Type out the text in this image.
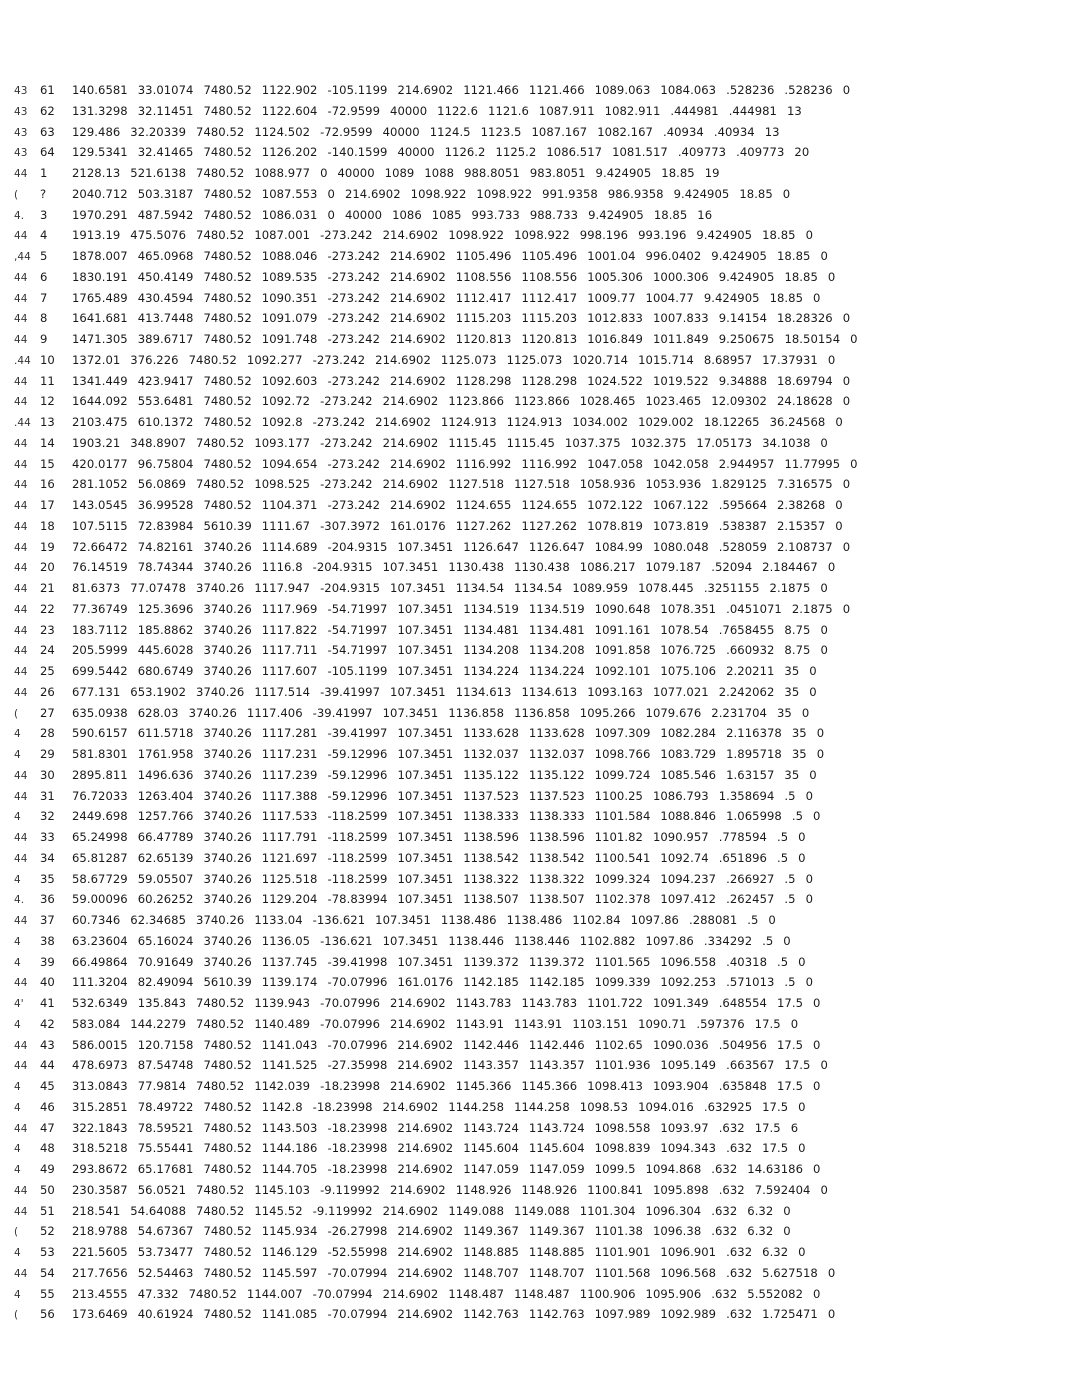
43 61 140.6581 33.01074 7480.52 1122.902 -105.1199 214.6902 1121.466 1121.466 1089.063 1084.063 .528236 .528236 0
43 62 131.3298 32.11451 7480.52 1122.604 -72.9599 40000 1122.6 1121.6 1087.911 1082.911 .444981 .444981 13
43 63 129.486 32.20339 7480.52 1124.502 -72.9599 40000 1124.5 1123.5 1087.167 1082.167 .40934 .40934 13
43 64 129.5341 32.41465 7480.52 1126.202 -140.1599 40000 1126.2 1125.2 1086.517 1081.517 .409773 .409773 20
44 1 2128.13 521.6138 7480.52 1088.977 0 40000 1089 1088 988.8051 983.8051 9.424905 18.85 19
( ? 2040.712 503.3187 7480.52 1087.553 0 214.6902 1098.922 1098.922 991.9358 986.9358 9.424905 18.85 0
4. 3 1970.291 487.5942 7480.52 1086.031 0 40000 1086 1085 993.733 988.733 9.424905 18.85 16
44 4 1913.19 475.5076 7480.52 1087.001 -273.242 214.6902 1098.922 1098.922 998.196 993.196 9.424905 18.85 0
,44 5 1878.007 465.0968 7480.52 1088.046 -273.242 214.6902 1105.496 1105.496 1001.04 996.0402 9.424905 18.85 0
44 6 1830.191 450.4149 7480.52 1089.535 -273.242 214.6902 1108.556 1108.556 1005.306 1000.306 9.424905 18.85 0
44 7 1765.489 430.4594 7480.52 1090.351 -273.242 214.6902 1112.417 1112.417 1009.77 1004.77 9.424905 18.85 0
44 8 1641.681 413.7448 7480.52 1091.079 -273.242 214.6902 1115.203 1115.203 1012.833 1007.833 9.14154 18.28326 0
44 9 1471.305 389.6717 7480.52 1091.748 -273.242 214.6902 1120.813 1120.813 1016.849 1011.849 9.250675 18.50154 0
.44 10 1372.01 376.226 7480.52 1092.277 -273.242 214.6902 1125.073 1125.073 1020.714 1015.714 8.68957 17.37931 0
44 11 1341.449 423.9417 7480.52 1092.603 -273.242 214.6902 1128.298 1128.298 1024.522 1019.522 9.34888 18.69794 0
44 12 1644.092 553.6481 7480.52 1092.72 -273.242 214.6902 1123.866 1123.866 1028.465 1023.465 12.09302 24.18628 0
.44 13 2103.475 610.1372 7480.52 1092.8 -273.242 214.6902 1124.913 1124.913 1034.002 1029.002 18.12265 36.24568 0
44 14 1903.21 348.8907 7480.52 1093.177 -273.242 214.6902 1115.45 1115.45 1037.375 1032.375 17.05173 34.1038 0
44 15 420.0177 96.75804 7480.52 1094.654 -273.242 214.6902 1116.992 1116.992 1047.058 1042.058 2.944957 11.77995 0
44 16 281.1052 56.0869 7480.52 1098.525 -273.242 214.6902 1127.518 1127.518 1058.936 1053.936 1.829125 7.316575 0
44 17 143.0545 36.99528 7480.52 1104.371 -273.242 214.6902 1124.655 1124.655 1072.122 1067.122 .595664 2.38268 0
44 18 107.5115 72.83984 5610.39 1111.67 -307.3972 161.0176 1127.262 1127.262 1078.819 1073.819 .538387 2.15357 0
44 19 72.66472 74.82161 3740.26 1114.689 -204.9315 107.3451 1126.647 1126.647 1084.99 1080.048 .528059 2.108737 0
44 20 76.14519 78.74344 3740.26 1116.8 -204.9315 107.3451 1130.438 1130.438 1086.217 1079.187 .52094 2.184467 0
44 21 81.6373 77.07478 3740.26 1117.947 -204.9315 107.3451 1134.54 1134.54 1089.959 1078.445 .3251155 2.1875 0
44 22 77.36749 125.3696 3740.26 1117.969 -54.71997 107.3451 1134.519 1134.519 1090.648 1078.351 .0451071 2.1875 0
44 23 183.7112 185.8862 3740.26 1117.822 -54.71997 107.3451 1134.481 1134.481 1091.161 1078.54 .7658455 8.75 0
44 24 205.5999 445.6028 3740.26 1117.711 -54.71997 107.3451 1134.208 1134.208 1091.858 1076.725 .660932 8.75 0
44 25 699.5442 680.6749 3740.26 1117.607 -105.1199 107.3451 1134.224 1134.224 1092.101 1075.106 2.20211 35 0
44 26 677.131 653.1902 3740.26 1117.514 -39.41997 107.3451 1134.613 1134.613 1093.163 1077.021 2.242062 35 0
( 27 635.0938 628.03 3740.26 1117.406 -39.41997 107.3451 1136.858 1136.858 1095.266 1079.676 2.231704 35 0
4 28 590.6157 611.5718 3740.26 1117.281 -39.41997 107.3451 1133.628 1133.628 1097.309 1082.284 2.116378 35 0
4 29 581.8301 1761.958 3740.26 1117.231 -59.12996 107.3451 1132.037 1132.037 1098.766 1083.729 1.895718 35 0
44 30 2895.811 1496.636 3740.26 1117.239 -59.12996 107.3451 1135.122 1135.122 1099.724 1085.546 1.63157 35 0
44 31 76.72033 1263.404 3740.26 1117.388 -59.12996 107.3451 1137.523 1137.523 1100.25 1086.793 1.358694 .5 0
4 32 2449.698 1257.766 3740.26 1117.533 -118.2599 107.3451 1138.333 1138.333 1101.584 1088.846 1.065998 .5 0
44 33 65.24998 66.47789 3740.26 1117.791 -118.2599 107.3451 1138.596 1138.596 1101.82 1090.957 .778594 .5 0
44 34 65.81287 62.65139 3740.26 1121.697 -118.2599 107.3451 1138.542 1138.542 1100.541 1092.74 .651896 .5 0
4 35 58.67729 59.05507 3740.26 1125.518 -118.2599 107.3451 1138.322 1138.322 1099.324 1094.237 .266927 .5 0
4. 36 59.00096 60.26252 3740.26 1129.204 -78.83994 107.3451 1138.507 1138.507 1102.378 1097.412 .262457 .5 0
44 37 60.7346 62.34685 3740.26 1133.04 -136.621 107.3451 1138.486 1138.486 1102.84 1097.86 .288081 .5 0
4 38 63.23604 65.16024 3740.26 1136.05 -136.621 107.3451 1138.446 1138.446 1102.882 1097.86 .334292 .5 0
4 39 66.49864 70.91649 3740.26 1137.745 -39.41998 107.3451 1139.372 1139.372 1101.565 1096.558 .40318 .5 0
44 40 111.3204 82.49094 5610.39 1139.174 -70.07996 161.0176 1142.185 1142.185 1099.339 1092.253 .571013 .5 0
4' 41 532.6349 135.843 7480.52 1139.943 -70.07996 214.6902 1143.783 1143.783 1101.722 1091.349 .648554 17.5 0
4 42 583.084 144.2279 7480.52 1140.489 -70.07996 214.6902 1143.91 1143.91 1103.151 1090.71 .597376 17.5 0
44 43 586.0015 120.7158 7480.52 1141.043 -70.07996 214.6902 1142.446 1142.446 1102.65 1090.036 .504956 17.5 0
44 44 478.6973 87.54748 7480.52 1141.525 -27.35998 214.6902 1143.357 1143.357 1101.936 1095.149 .663567 17.5 0
4 45 313.0843 77.9814 7480.52 1142.039 -18.23998 214.6902 1145.366 1145.366 1098.413 1093.904 .635848 17.5 0
4 46 315.2851 78.49722 7480.52 1142.8 -18.23998 214.6902 1144.258 1144.258 1098.53 1094.016 .632925 17.5 0
44 47 322.1843 78.59521 7480.52 1143.503 -18.23998 214.6902 1143.724 1143.724 1098.558 1093.97 .632 17.5 6
4 48 318.5218 75.55441 7480.52 1144.186 -18.23998 214.6902 1145.604 1145.604 1098.839 1094.343 .632 17.5 0
4 49 293.8672 65.17681 7480.52 1144.705 -18.23998 214.6902 1147.059 1147.059 1099.5 1094.868 .632 14.63186 0
44 50 230.3587 56.0521 7480.52 1145.103 -9.119992 214.6902 1148.926 1148.926 1100.841 1095.898 .632 7.592404 0
44 51 218.541 54.64088 7480.52 1145.52 -9.119992 214.6902 1149.088 1149.088 1101.304 1096.304 .632 6.32 0
( 52 218.9788 54.67367 7480.52 1145.934 -26.27998 214.6902 1149.367 1149.367 1101.38 1096.38 .632 6.32 0
4 53 221.5605 53.73477 7480.52 1146.129 -52.55998 214.6902 1148.885 1148.885 1101.901 1096.901 .632 6.32 0
44 54 217.7656 52.54463 7480.52 1145.597 -70.07994 214.6902 1148.707 1148.707 1101.568 1096.568 .632 5.627518 0
4 55 213.4555 47.332 7480.52 1144.007 -70.07994 214.6902 1148.487 1148.487 1100.906 1095.906 .632 5.552082 0
( 56 173.6469 40.61924 7480.52 1141.085 -70.07994 214.6902 1142.763 1142.763 1097.989 1092.989 .632 1.725471 0
